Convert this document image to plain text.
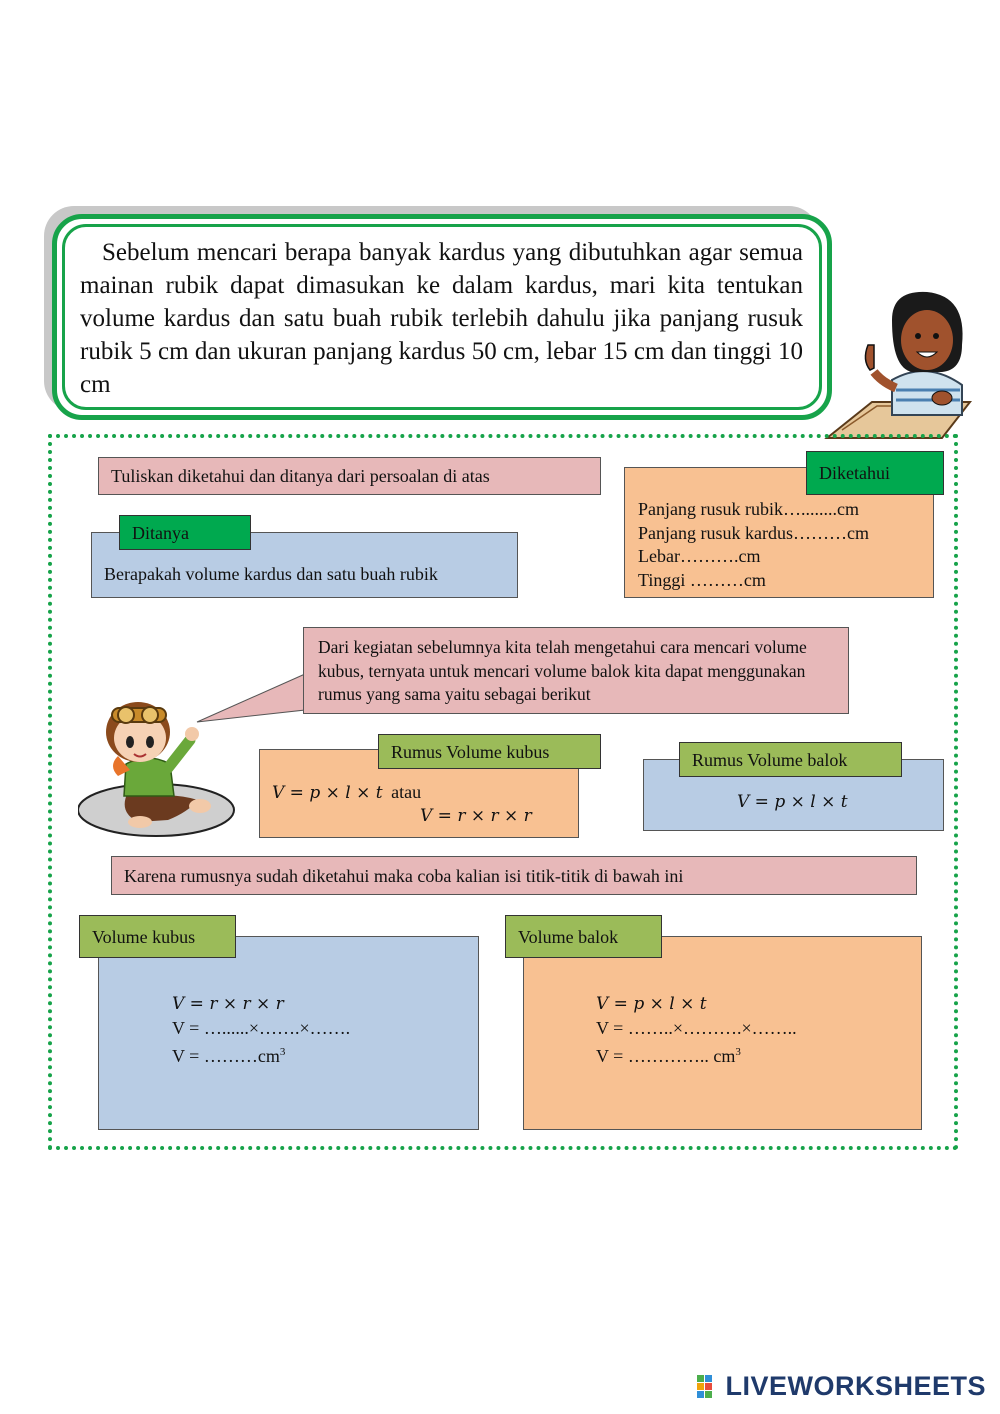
Sebelum mencari berapa banyak kardus yang dibutuhkan agar semua mainan rubik dapat dimasukan ke dalam kardus, mari kita tentukan volume kardus dan satu buah rubik terlebih dahulu jika panjang rusuk rubik 5 cm dan ukuran panjang kardus 50 cm, lebar 15 cm dan tinggi 10 cm
Tuliskan diketahui dan ditanya dari persoalan di atas
Ditanya
Berapakah volume kardus dan satu buah rubik
Diketahui
Panjang rusuk rubik…........cm
Panjang rusuk kardus………cm
Lebar……….cm
Tinggi ………cm
Dari kegiatan sebelumnya kita telah mengetahui cara mencari volume kubus, ternyata untuk mencari volume balok kita dapat menggunakan rumus yang sama yaitu sebagai berikut
Rumus Volume kubus
V = p × l × t atau
V = r × r × r
Rumus Volume balok
V = p × l × t
Karena rumusnya sudah diketahui maka coba kalian isi titik-titik di bawah ini
Volume kubus
V = r × r × r
V = …......×…….×…….
$V = \dots\dots\dots cm^3$
Volume balok
V = p × l × t
V = ……..×……….×……..
V = ………….. $cm^3$
LIVEWORKSHEETS
